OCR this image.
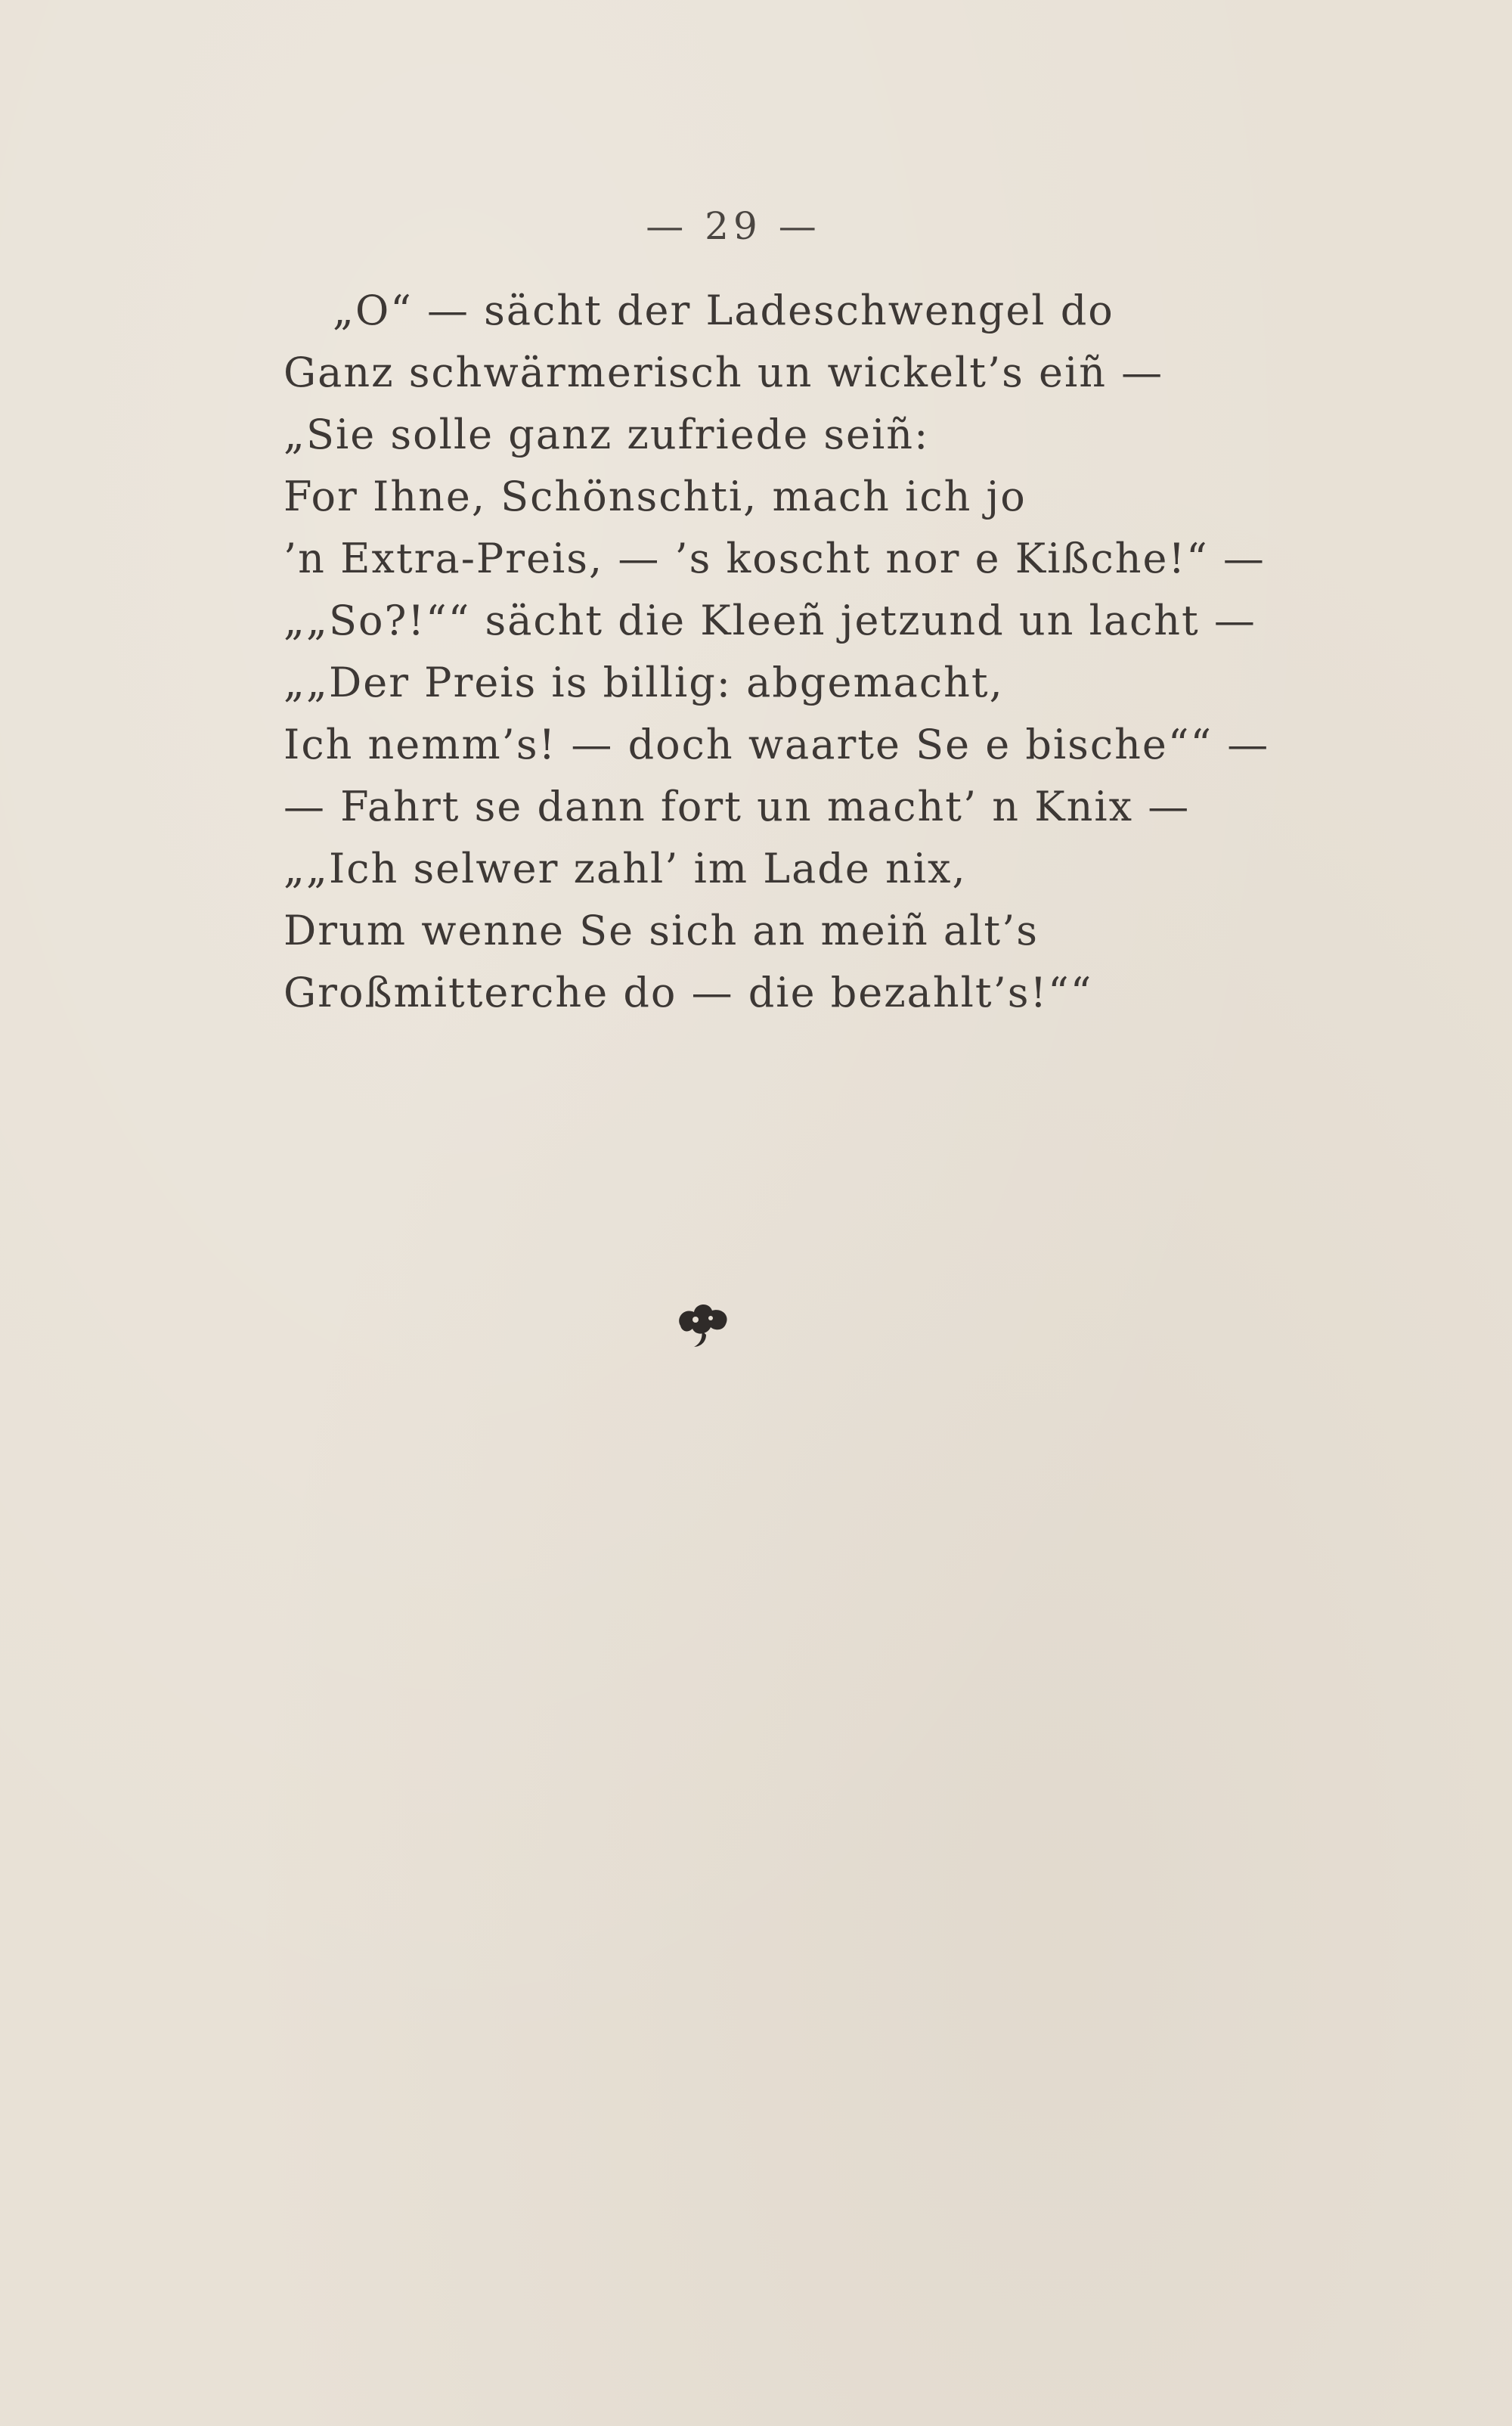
— 29 —
„O“ — sächt der Ladeschwengel do
Ganz schwärmerisch un wickelt’s eiñ —
„Sie solle ganz zufriede seiñ:
For Ihne, Schönschti, mach ich jo
’n Extra-Preis, — ’s koscht nor e Kißche!“ —
„„So?!““ sächt die Kleeñ jetzund un lacht —
„„Der Preis is billig: abgemacht,
Ich nemm’s! — doch waarte Se e bische““ —
— Fahrt se dann fort un macht’ n Knix —
„„Ich selwer zahl’ im Lade nix,
Drum wenne Se sich an meiñ alt’s
Großmitterche do — die bezahlt’s!““
